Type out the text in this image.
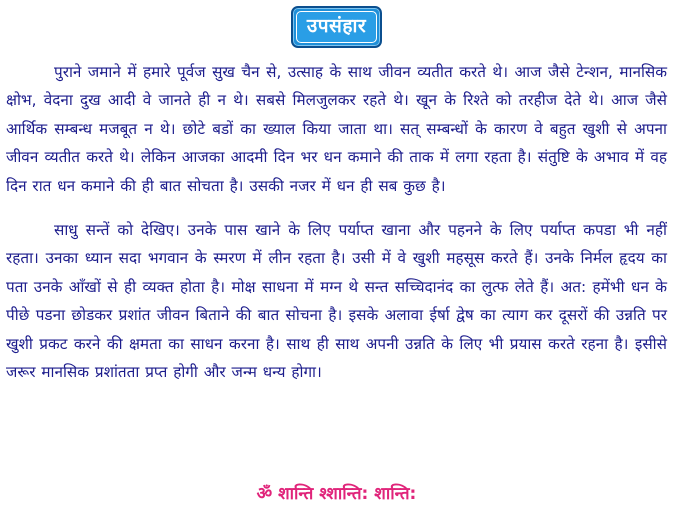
उपसंहार

पुराने जमाने में हमारे पूर्वज सुख चैन से, उत्साह के साथ जीवन व्यतीत करते थे। आज जैसे टेन्शन, मानसिक क्षोभ, वेदना दुख आदी वे जानते ही न थे। सबसे मिलजुलकर रहते थे। खून के रिश्ते को तरहीज देते थे। आज जैसे आर्थिक सम्बन्ध मजबूत न थे। छोटे बडों का ख्याल किया जाता था। सत् सम्बन्धों के कारण वे बहुत खुशी से अपना जीवन व्यतीत करते थे। लेकिन आजका आदमी दिन भर धन कमाने की ताक में लगा रहता है। संतुष्टि के अभाव में वह दिन रात धन कमाने की ही बात सोचता है। उसकी नजर में धन ही सब कुछ है।

साधु सन्तें को देखिए। उनके पास खाने के लिए पर्याप्त खाना और पहनने के लिए पर्याप्त कपडा भी नहीं रहता। उनका ध्यान सदा भगवान के स्मरण में लीन रहता है। उसी में वे खुशी महसूस करते हैं। उनके निर्मल हृदय का पता उनके आँखों से ही व्यक्त होता है। मोक्ष साधना में मग्न थे सन्त सच्चिदानंद का लुत्फ लेते हैं। अत: हमेंभी धन के पीछे पडना छोडकर प्रशांत जीवन बिताने की बात सोचना है। इसके अलावा ईर्षा द्वेष का त्याग कर दूसरों की उन्नति पर खुशी प्रकट करने की क्षमता का साधन करना है। साथ ही साथ अपनी उन्नति के लिए भी प्रयास करते रहना है। इसीसे जरूर मानसिक प्रशांतता प्रप्त होगी और जन्म धन्य होगा।

ॐ शान्ति श्शान्ति: शान्ति:
